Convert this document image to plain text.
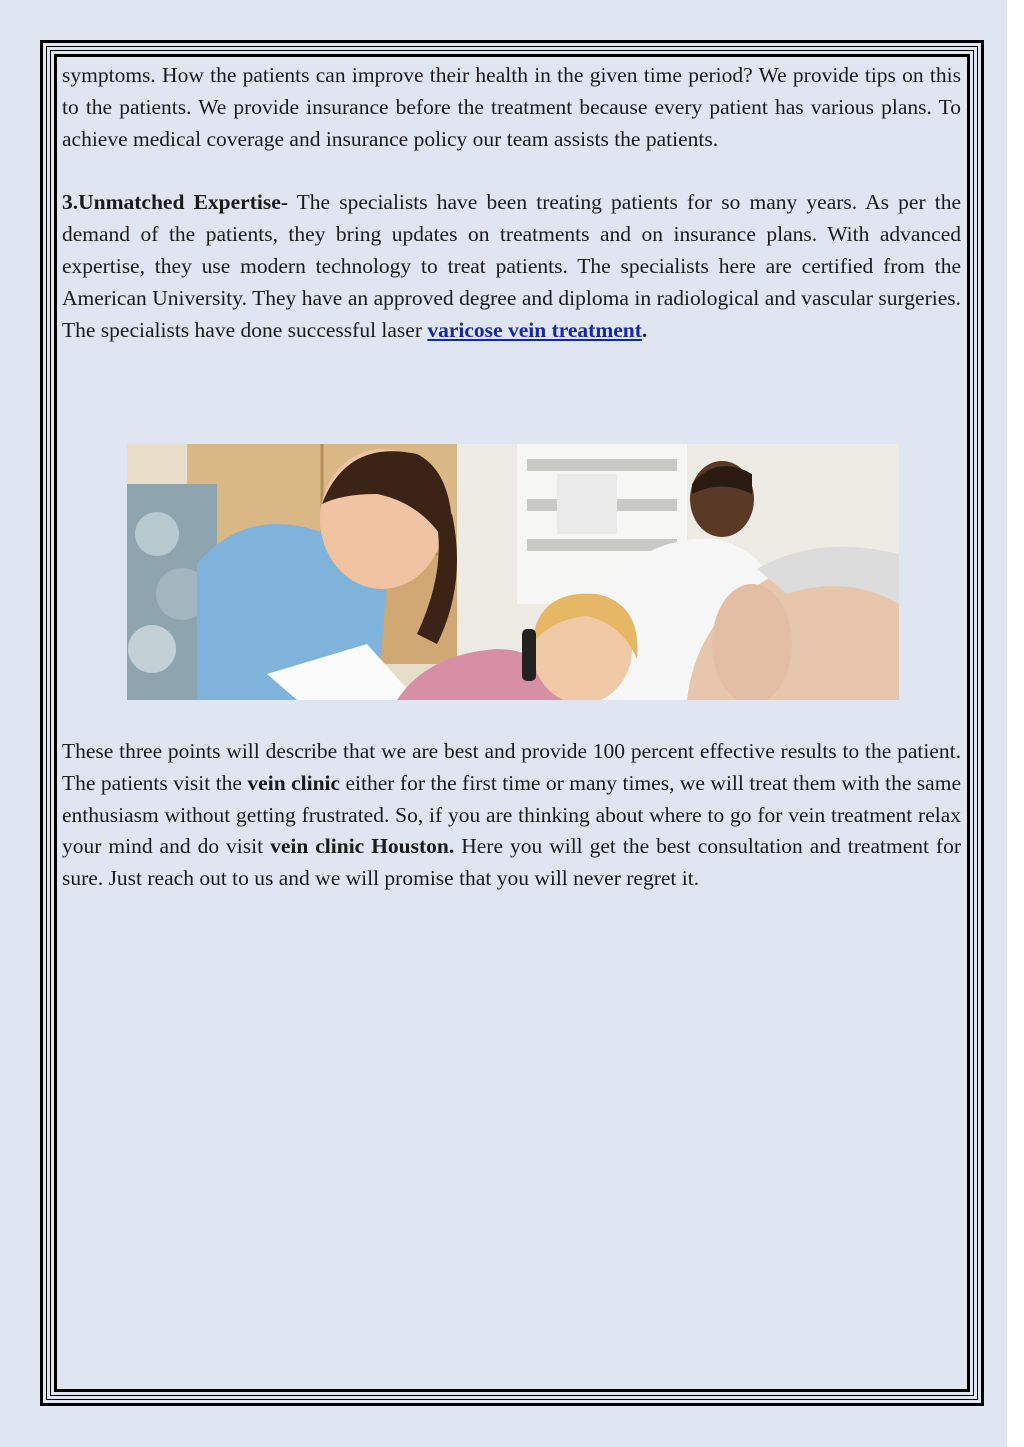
symptoms. How the patients can improve their health in the given time period? We provide tips on this to the patients. We provide insurance before the treatment because every patient has various plans. To achieve medical coverage and insurance policy our team assists the patients.

3.Unmatched Expertise- The specialists have been treating patients for so many years. As per the demand of the patients, they bring updates on treatments and on insurance plans. With advanced expertise, they use modern technology to treat patients. The specialists here are certified from the American University. They have an approved degree and diploma in radiological and vascular surgeries. The specialists have done successful laser varicose vein treatment.

These three points will describe that we are best and provide 100 percent effective results to the patient. The patients visit the vein clinic either for the first time or many times, we will treat them with the same enthusiasm without getting frustrated. So, if you are thinking about where to go for vein treatment relax your mind and do visit vein clinic Houston. Here you will get the best consultation and treatment for sure. Just reach out to us and we will promise that you will never regret it.
